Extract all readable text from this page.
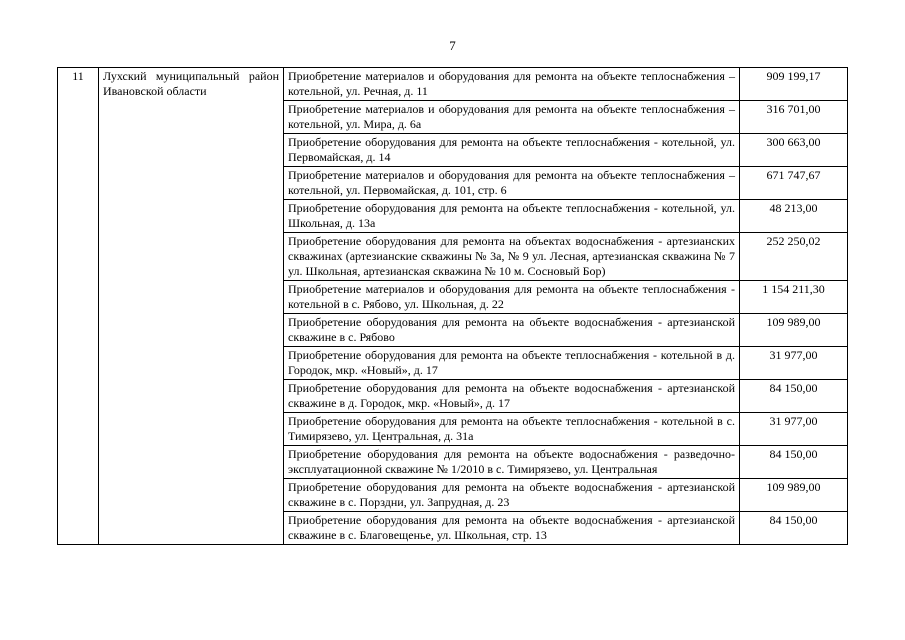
7
11	Лухский муниципальный район Ивановской области	Приобретение материалов и оборудования для ремонта на объекте теплоснабжения – котельной, ул. Речная, д. 11	909 199,17
		Приобретение материалов и оборудования для ремонта на объекте теплоснабжения – котельной, ул. Мира, д. 6а	316 701,00
		Приобретение оборудования для ремонта на объекте теплоснабжения - котельной, ул. Первомайская, д. 14	300 663,00
		Приобретение материалов и оборудования для ремонта на объекте теплоснабжения – котельной, ул. Первомайская, д. 101, стр. 6	671 747,67
		Приобретение оборудования для ремонта на объекте теплоснабжения - котельной, ул. Школьная, д. 13а	48 213,00
		Приобретение оборудования для ремонта на объектах водоснабжения - артезианских скважинах (артезианские скважины № 3а, № 9 ул. Лесная, артезианская скважина № 7 ул. Школьная, артезианская скважина № 10 м. Сосновый Бор)	252 250,02
		Приобретение материалов и оборудования для ремонта на объекте теплоснабжения - котельной в с. Рябово, ул. Школьная, д. 22	1 154 211,30
		Приобретение оборудования для ремонта на объекте водоснабжения - артезианской скважине в с. Рябово	109 989,00
		Приобретение оборудования для ремонта на объекте теплоснабжения - котельной в д. Городок, мкр. «Новый», д. 17	31 977,00
		Приобретение оборудования для ремонта на объекте водоснабжения - артезианской скважине в д. Городок, мкр. «Новый», д. 17	84 150,00
		Приобретение оборудования для ремонта на объекте теплоснабжения - котельной в с. Тимирязево, ул. Центральная, д. 31а	31 977,00
		Приобретение оборудования для ремонта на объекте водоснабжения - разведочно-эксплуатационной скважине № 1/2010 в с. Тимирязево, ул. Центральная	84 150,00
		Приобретение оборудования для ремонта на объекте водоснабжения - артезианской скважине в с. Порздни, ул. Запрудная, д. 23	109 989,00
		Приобретение оборудования для ремонта на объекте водоснабжения - артезианской скважине в с. Благовещенье, ул. Школьная, стр. 13	84 150,00
